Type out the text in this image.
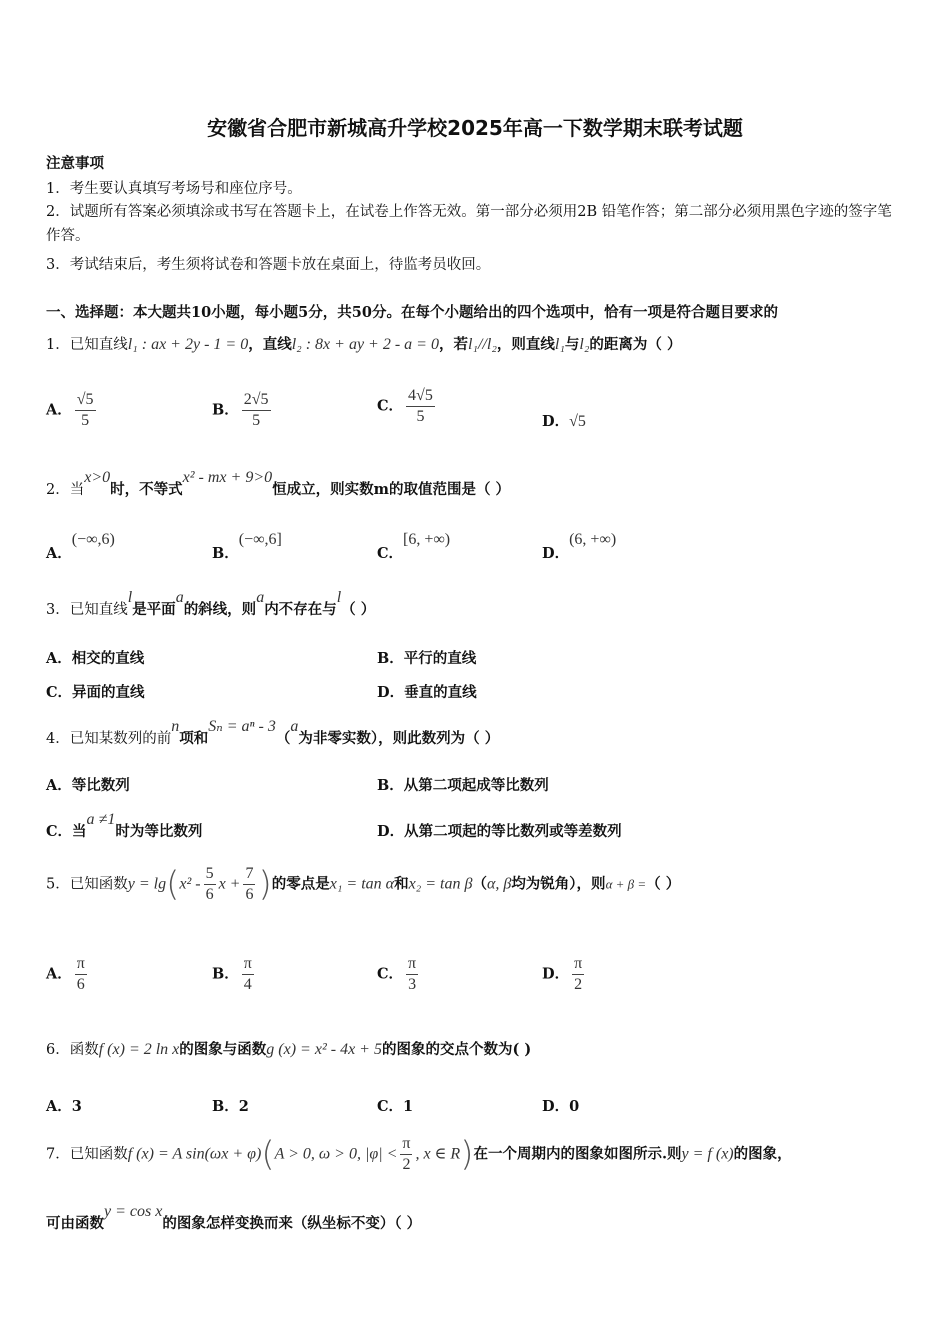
安徽省合肥市新城高升学校2025年高一下数学期末联考试题
注意事项
1．考生要认真填写考场号和座位序号。
2．试题所有答案必须填涂或书写在答题卡上，在试卷上作答无效。第一部分必须用2B 铅笔作答；第二部分必须用黑色字迹的签字笔作答。
3．考试结束后，考生须将试卷和答题卡放在桌面上，待监考员收回。
一、选择题：本大题共10小题，每小题5分，共50分。在每个小题给出的四个选项中，恰有一项是符合题目要求的
1．已知直线l₁ : ax + 2y - 1 = 0，直线l₂ : 8x + ay + 2 - a = 0，若l₁//l₂，则直线l₁与l₂的距离为（ ）
A． $\frac{√5}{5}$	B． $\frac{2√5}{5}$	C． $\frac{4√5}{5}$	D．√5
2．当x>0时，不等式x² - mx + 9>0恒成立，则实数m的取值范围是（ ）
A．(−∞,6)
B．(−∞,6]
C．[6, +∞)
D．(6, +∞)
3．已知直线l是平面a的斜线，则a内不存在与l（ ）
A．相交的直线	B．平行的直线
C．异面的直线	D．垂直的直线
4．已知某数列的前n项和Sₙ = aⁿ - 3（a为非零实数），则此数列为（ ）
A．等比数列	B．从第二项起成等比数列
C．当a ≠1时为等比数列	D．从第二项起的等比数列或等差数列
5．已知函数$y = \lg(x^2 - \frac{5}{6}$ $x + \frac{7}{6}$ )的零点是x₁ = tan α和x₂ = tan β（α, β均为锐角），则α + β =（ ）
A． $\frac{\pi}{6}$	B． $\frac{\pi}{4}$	C． $\frac{\pi}{3}$	D． $\frac{\pi}{2}$
6．函数f (x) = 2 ln x的图象与函数g (x) = x² - 4x + 5的图象的交点个数为( )
A．3	B．2	C．1	D．0
7．已知函数f (x) = A sin(ωx + φ)(A > 0, ω > 0, $|\varphi| < \frac{\pi}{2}$ , x ∈ R)在一个周期内的图象如图所示.则y = f (x)的图象，
可由函数y = cos x的图象怎样变换而来（纵坐标不变）（ ）
